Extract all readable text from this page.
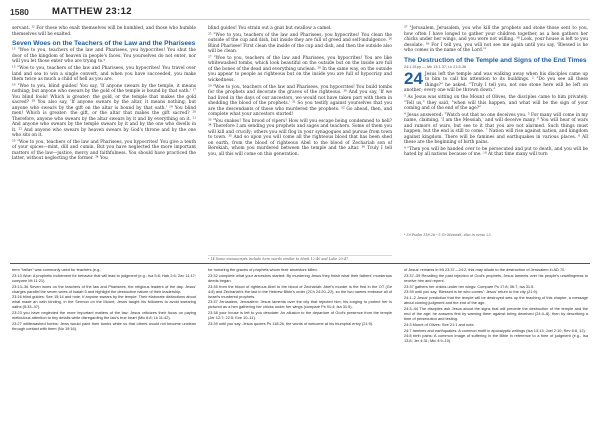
1580 MATTHEW 23:12

servant. ¹² For those who exalt themselves will be humbled, and those who humble themselves will be exalted.

Seven Woes on the Teachers of the Law and the Pharisees

¹³ "Woe to you, teachers of the law and Pharisees, you hypocrites! You shut the door of the kingdom of heaven in people's faces. You yourselves do not enter, nor will you let those enter who are trying to.ᵃ

¹⁵ "Woe to you, teachers of the law and Pharisees, you hypocrites! You travel over land and sea to win a single convert, and when you have succeeded, you make them twice as much a child of hell as you are.

¹⁶ "Woe to you, blind guides! You say, 'If anyone swears by the temple, it means nothing; but anyone who swears by the gold of the temple is bound by that oath.' ¹⁷ You blind fools! Which is greater: the gold, or the temple that makes the gold sacred? ¹⁸ You also say, 'If anyone swears by the altar, it means nothing; but anyone who swears by the gift on the altar is bound by that oath.' ¹⁹ You blind men! Which is greater: the gift, or the altar that makes the gift sacred? ²⁰ Therefore, anyone who swears by the altar swears by it and by everything on it. ²¹ And anyone who swears by the temple swears by it and by the one who dwells in it. ²² And anyone who swears by heaven swears by God's throne and by the one who sits on it.

²³ "Woe to you, teachers of the law and Pharisees, you hypocrites! You give a tenth of your spices—mint, dill and cumin. But you have neglected the more important matters of the law—justice, mercy and faithfulness. You should have practiced the latter, without neglecting the former. ²⁴ You

blind guides! You strain out a gnat but swallow a camel.

²⁵ "Woe to you, teachers of the law and Pharisees, you hypocrites! You clean the outside of the cup and dish, but inside they are full of greed and self-indulgence. ²⁶ Blind Pharisee! First clean the inside of the cup and dish, and then the outside also will be clean.

²⁷ "Woe to you, teachers of the law and Pharisees, you hypocrites! You are like whitewashed tombs, which look beautiful on the outside but on the inside are full of the bones of the dead and everything unclean. ²⁸ In the same way, on the outside you appear to people as righteous but on the inside you are full of hypocrisy and wickedness.

²⁹ "Woe to you, teachers of the law and Pharisees, you hypocrites! You build tombs for the prophets and decorate the graves of the righteous. ³⁰ And you say, 'If we had lived in the days of our ancestors, we would not have taken part with them in shedding the blood of the prophets.' ³¹ So you testify against yourselves that you are the descendants of those who murdered the prophets. ³² Go ahead, then, and complete what your ancestors started!

³³ "You snakes! You brood of vipers! How will you escape being condemned to hell? ³⁴ Therefore I am sending you prophets and sages and teachers. Some of them you will kill and crucify; others you will flog in your synagogues and pursue from town to town. ³⁵ And so upon you will come all the righteous blood that has been shed on earth, from the blood of righteous Abel to the blood of Zechariah son of Berekiah, whom you murdered between the temple and the altar. ³⁶ Truly I tell you, all this will come on this generation.

ᵃ 14 Some manuscripts include here words similar to Mark 12:40 and Luke 20:47.

³⁷ "Jerusalem, Jerusalem, you who kill the prophets and stone those sent to you, how often I have longed to gather your children together, as a hen gathers her chicks under her wings, and you were not willing. ³⁸ Look, your house is left to you desolate. ³⁹ For I tell you, you will not see me again until you say, 'Blessed is he who comes in the name of the Lord.'"

The Destruction of the Temple and Signs of the End Times
24:1-51pp — Mk 13:1-37; Lk 21:5-36

24 Jesus left the temple and was walking away when his disciples came up to him to call his attention to its buildings. ² "Do you see all these things?" he asked. "Truly I tell you, not one stone here will be left on another; every one will be thrown down."

³ As Jesus was sitting on the Mount of Olives, the disciples came to him privately. "Tell us," they said, "when will this happen, and what will be the sign of your coming and of the end of the age?"

⁴ Jesus answered: "Watch out that no one deceives you. ⁵ For many will come in my name, claiming, 'I am the Messiah,' and will deceive many. ⁶ You will hear of wars and rumors of wars, but see to it that you are not alarmed. Such things must happen, but the end is still to come. ⁷ Nation will rise against nation, and kingdom against kingdom. There will be famines and earthquakes in various places. ⁸ All these are the beginning of birth pains.

⁹ "Then you will be handed over to be persecuted and put to death, and you will be hated by all nations because of me. ¹⁰ At that time many will turn

ᵇ 39 Psalm 118:26 ᶜ 5 Or Messiah; also in verse 23

term "father" was commonly used for teachers (e.g.,

23:13 Woe: A prophetic indictment for behavior that will lead to judgment (e.g., Isa 5:8; Hab 2:6; Zec 11:17; compare Mt 11:21).

23:13–36 Seven woes on the teachers of the law and Pharisees, the religious leaders of the day. Jesus' charges parallel the seven woes of Isaiah 5 and highlight the destructive nature of their leadership.

23:16 blind guides: See 15:14 and note. If anyone swears by the temple: Their elaborate distinctions about what made an oath binding, in the Sermon on the Mount, Jesus taught his followers to avoid swearing oaths (5:33–37).

23:23 you have neglected the more important matters of the law: Jesus criticizes their focus on paying meticulous attention to tiny details while disregarding the law's true heart (Mic 6:8; Lk 11:42).

23:27 whitewashed tombs: Jews would paint their tombs white so that others would not become unclean through contact with them (Nu 19:16).

for honoring the graves of prophets whom their ancestors killed.

23:32 complete what your ancestors started: By murdering Jesus they finish what their fathers' murderous deeds began.

23:35 from the blood of righteous Abel to the blood of Zechariah: Abel's murder is the first in the OT (Ge 4:8) and Zechariah's the last in the Hebrew Bible's order (2Ch 24:20–22), so the two names embrace all of Israel's murdered prophets.

23:37 Jerusalem, Jerusalem: Jesus laments over the city that rejected him; his longing to protect her is pictured as a hen gathering her chicks under her wings (compare Ps 91:4; Isa 31:5).

23:38 your house is left to you desolate: An allusion to the departure of God's presence from the temple (Jer 12:7; 22:5; Eze 10–11).

23:39 until you say: Jesus quotes Ps 118:26, the words of welcome at his triumphal entry (21:9).

of Jesus' remarks in Mt 23:37—24:2, this may allude to the destruction of Jerusalem in AD 70.

23:37–39 Recalling the past rejection of God's prophets, Jesus laments over his people's unwillingness to receive him and repent.

23:37 gathers her chicks under her wings: Compare Ps 17:8; 36:7; Isa 31:5.

23:39 until you say, 'Blessed is he who comes': Jesus' return to the city (21:9).

24:1–2 Jesus' prediction that the temple will be destroyed sets up the teaching of this chapter, a message about coming judgment and the end of the age.

24:3–44 The disciples ask Jesus about the signs that will precede the destruction of the temple and the end of the age; he answers first by warning them against being deceived (24:4–8), then by describing a time of persecution and testing.

24:3 Mount of Olives: See 21:1 and note.

24:7 famines and earthquakes: A common motif in apocalyptic writings (Isa 13:13; Joel 2:10; Rev 6:8, 12).

24:8 birth pains: A common image of suffering in the Bible in reference to a time of judgment (e.g., Isa 13:8; Jer 4:31; Mic 4:9–10).
